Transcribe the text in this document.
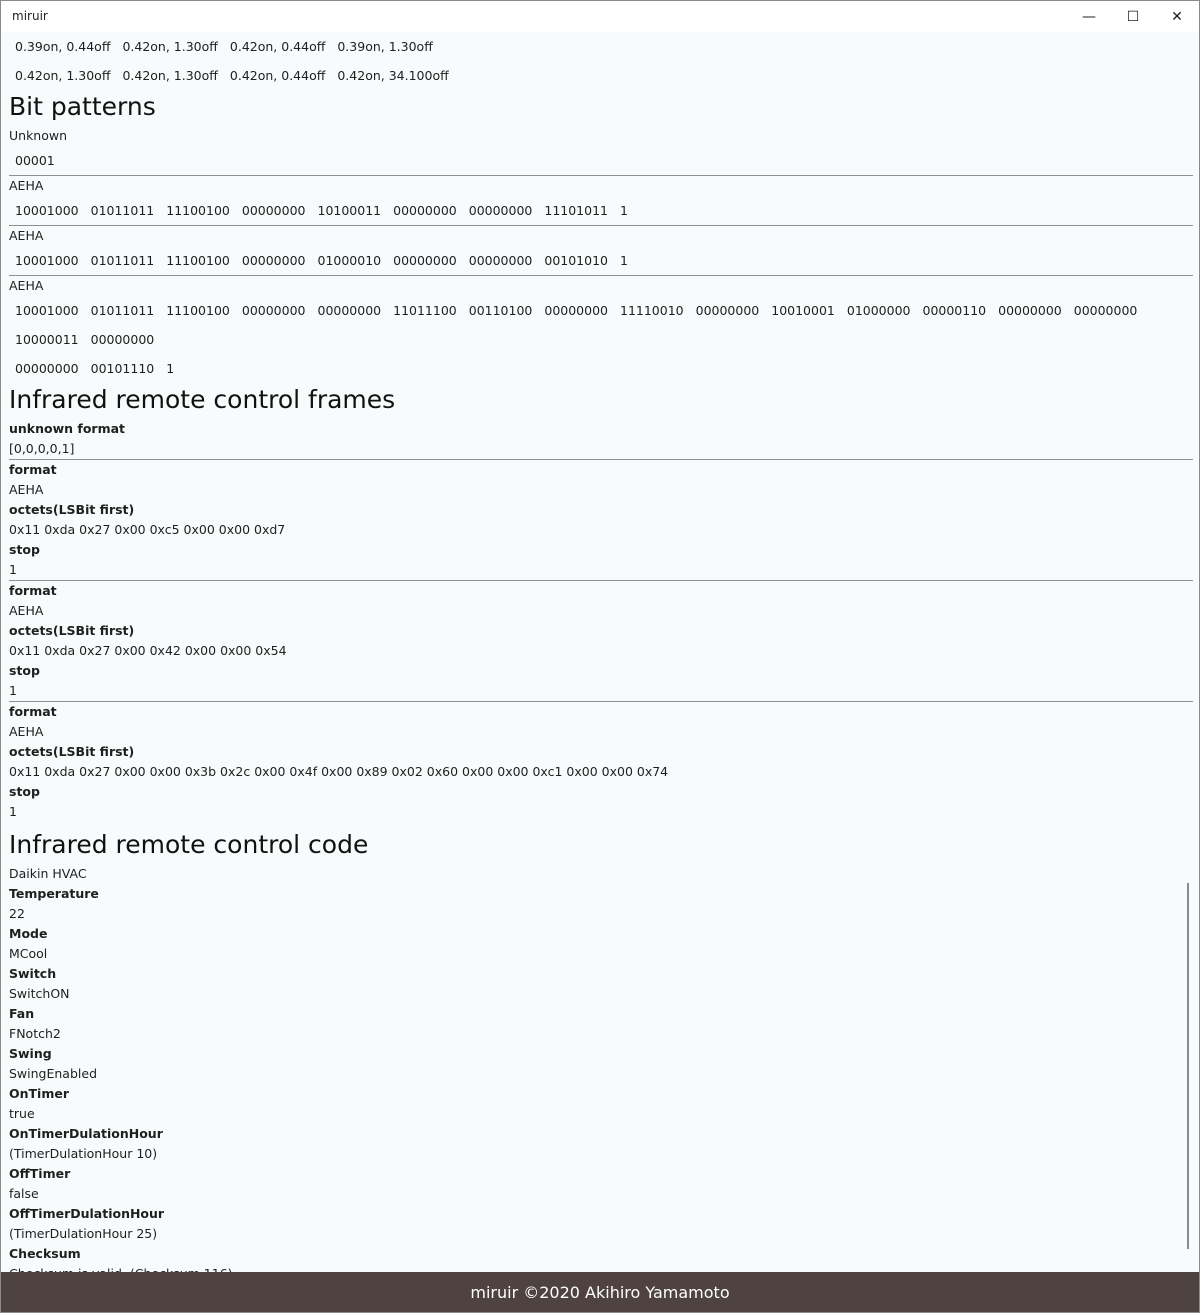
miruir	— ☐ ✕
0.39on, 0.44off 0.42on, 1.30off 0.42on, 0.44off 0.39on, 1.30off
0.42on, 1.30off 0.42on, 1.30off 0.42on, 0.44off 0.42on, 34.100off
Bit patterns
Unknown
00001
AEHA
10001000 01011011 11100100 00000000 10100011 00000000 00000000 11101011 1
AEHA
10001000 01011011 11100100 00000000 01000010 00000000 00000000 00101010 1
AEHA
10001000 01011011 11100100 00000000 00000000 11011100 00110100 00000000 11110010 00000000 10010001 01000000 00000110 00000000 00000000
10000011 00000000
00000000 00101110 1
Infrared remote control frames
unknown format
[0,0,0,0,1]
format
AEHA
octets(LSBit first)
0x11 0xda 0x27 0x00 0xc5 0x00 0x00 0xd7
stop
1
format
AEHA
octets(LSBit first)
0x11 0xda 0x27 0x00 0x42 0x00 0x00 0x54
stop
1
format
AEHA
octets(LSBit first)
0x11 0xda 0x27 0x00 0x00 0x3b 0x2c 0x00 0x4f 0x00 0x89 0x02 0x60 0x00 0x00 0xc1 0x00 0x00 0x74
stop
1
Infrared remote control code
Daikin HVAC
Temperature
22
Mode
MCool
Switch
SwitchON
Fan
FNotch2
Swing
SwingEnabled
OnTimer
true
OnTimerDulationHour
(TimerDulationHour 10)
OffTimer
false
OffTimerDulationHour
(TimerDulationHour 25)
Checksum
miruir ©2020 Akihiro Yamamoto
